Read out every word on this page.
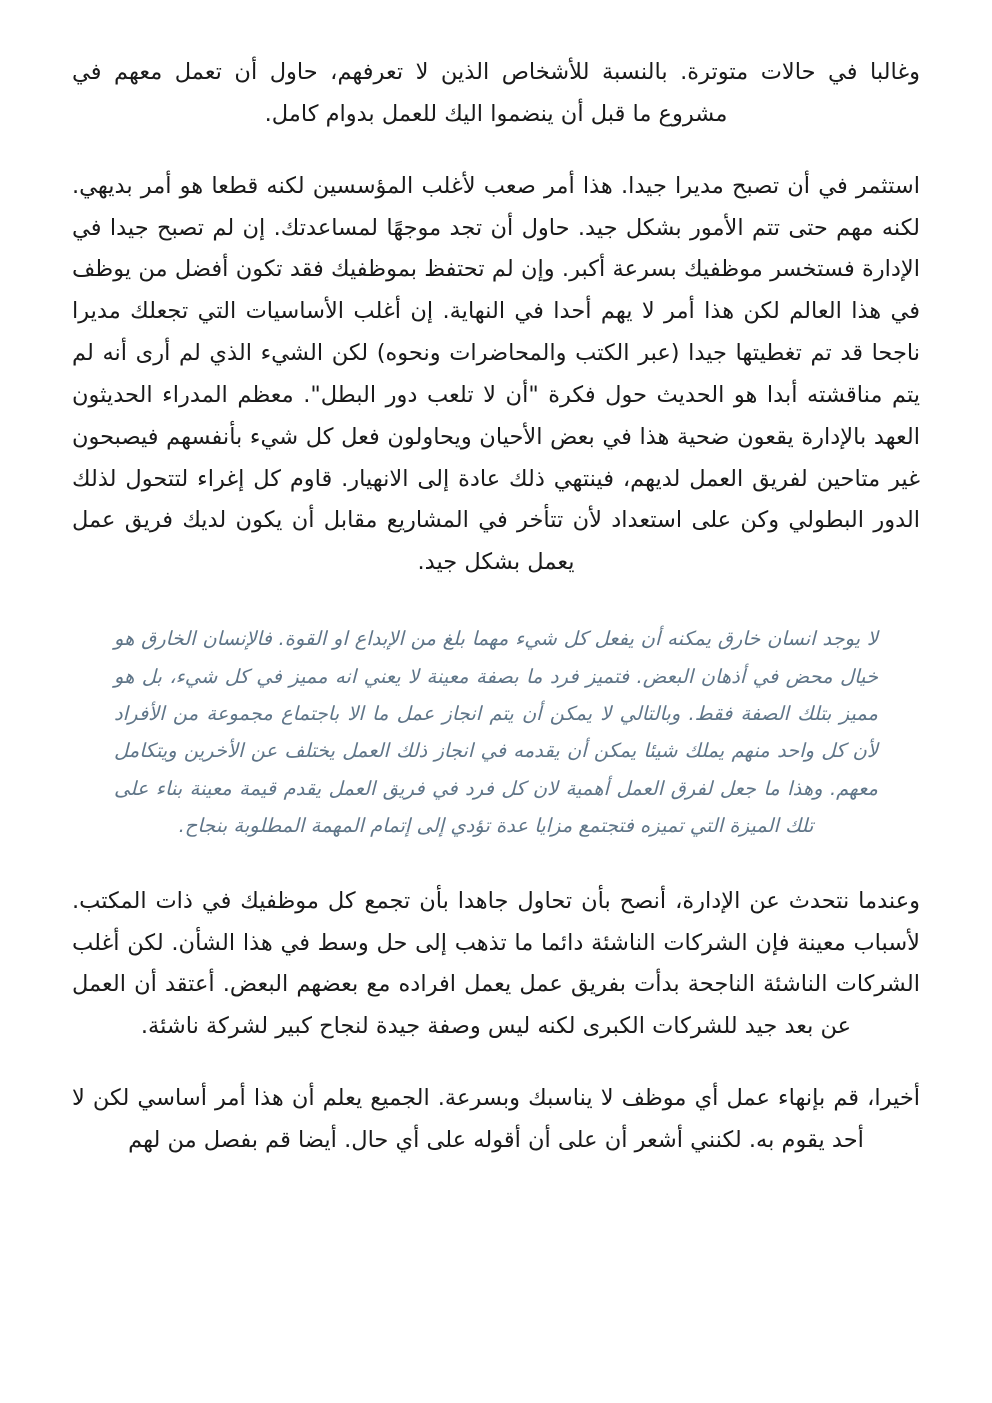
وغالبا في حالات متوترة. بالنسبة للأشخاص الذين لا تعرفهم، حاول أن تعمل معهم في مشروع ما قبل أن ينضموا اليك للعمل بدوام كامل.

استثمر في أن تصبح مديرا جيدا. هذا أمر صعب لأغلب المؤسسين لكنه قطعا هو أمر بديهي. لكنه مهم حتى تتم الأمور بشكل جيد. حاول أن تجد موجهًا لمساعدتك. إن لم تصبح جيدا في الإدارة فستخسر موظفيك بسرعة أكبر. وإن لم تحتفظ بموظفيك فقد تكون أفضل من يوظف في هذا العالم لكن هذا أمر لا يهم أحدا في النهاية. إن أغلب الأساسيات التي تجعلك مديرا ناجحا قد تم تغطيتها جيدا (عبر الكتب والمحاضرات ونحوه) لكن الشيء الذي لم أرى أنه لم يتم مناقشته أبدا هو الحديث حول فكرة "أن لا تلعب دور البطل". معظم المدراء الحديثون العهد بالإدارة يقعون ضحية هذا في بعض الأحيان ويحاولون فعل كل شيء بأنفسهم فيصبحون غير متاحين لفريق العمل لديهم، فينتهي ذلك عادة إلى الانهيار. قاوم كل إغراء لتتحول لذلك الدور البطولي وكن على استعداد لأن تتأخر في المشاريع مقابل أن يكون لديك فريق عمل يعمل بشكل جيد.

لا يوجد انسان خارق يمكنه أن يفعل كل شيء مهما بلغ من الإبداع او القوة. فالإنسان الخارق هو خيال محض في أذهان البعض. فتميز فرد ما بصفة معينة لا يعني انه مميز في كل شيء، بل هو مميز بتلك الصفة فقط. وبالتالي لا يمكن أن يتم انجاز عمل ما الا باجتماع مجموعة من الأفراد لأن كل واحد منهم يملك شيئا يمكن أن يقدمه في انجاز ذلك العمل يختلف عن الأخرين ويتكامل معهم. وهذا ما جعل لفرق العمل أهمية لان كل فرد في فريق العمل يقدم قيمة معينة بناء على تلك الميزة التي تميزه فتجتمع مزايا عدة تؤدي إلى إتمام المهمة المطلوبة بنجاح.

وعندما نتحدث عن الإدارة، أنصح بأن تحاول جاهدا بأن تجمع كل موظفيك في ذات المكتب. لأسباب معينة فإن الشركات الناشئة دائما ما تذهب إلى حل وسط في هذا الشأن. لكن أغلب الشركات الناشئة الناجحة بدأت بفريق عمل يعمل افراده مع بعضهم البعض. أعتقد أن العمل عن بعد جيد للشركات الكبرى لكنه ليس وصفة جيدة لنجاح كبير لشركة ناشئة.

أخيرا، قم بإنهاء عمل أي موظف لا يناسبك وبسرعة. الجميع يعلم أن هذا أمر أساسي لكن لا أحد يقوم به. لكنني أشعر أن على أن أقوله على أي حال. أيضا قم بفصل من لهم
